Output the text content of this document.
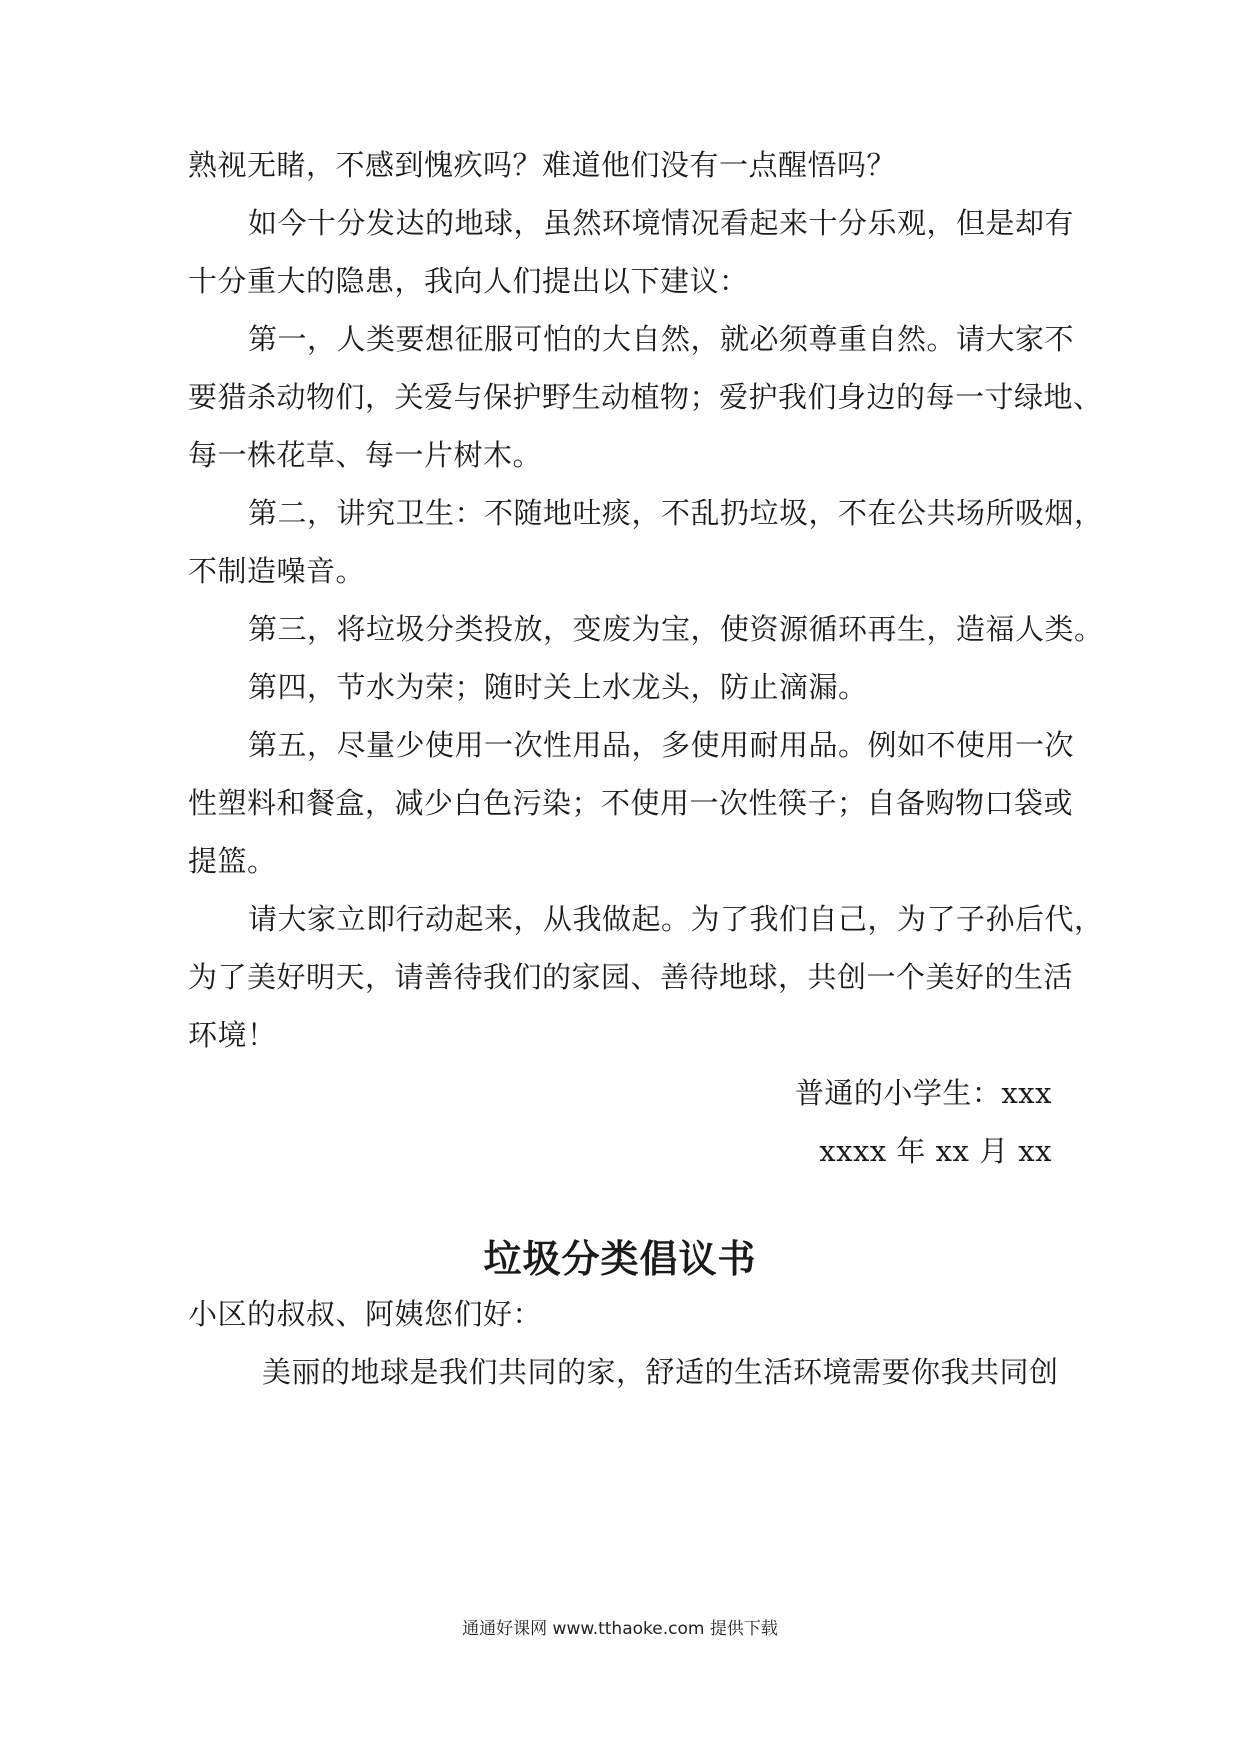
熟视无睹，不感到愧疚吗？难道他们没有一点醒悟吗？
如今十分发达的地球，虽然环境情况看起来十分乐观，但是却有
十分重大的隐患，我向人们提出以下建议：
第一，人类要想征服可怕的大自然，就必须尊重自然。请大家不
要猎杀动物们，关爱与保护野生动植物；爱护我们身边的每一寸绿地、
每一株花草、每一片树木。
第二，讲究卫生：不随地吐痰，不乱扔垃圾，不在公共场所吸烟，
不制造噪音。
第三，将垃圾分类投放，变废为宝，使资源循环再生，造福人类。
第四，节水为荣；随时关上水龙头，防止滴漏。
第五，尽量少使用一次性用品，多使用耐用品。例如不使用一次
性塑料和餐盒，减少白色污染；不使用一次性筷子；自备购物口袋或
提篮。
请大家立即行动起来，从我做起。为了我们自己，为了子孙后代，
为了美好明天，请善待我们的家园、善待地球，共创一个美好的生活
环境！
普通的小学生：xxx
xxxx 年 xx 月 xx
垃圾分类倡议书
小区的叔叔、阿姨您们好：
美丽的地球是我们共同的家，舒适的生活环境需要你我共同创
通通好课网 www.tthaoke.com 提供下载
